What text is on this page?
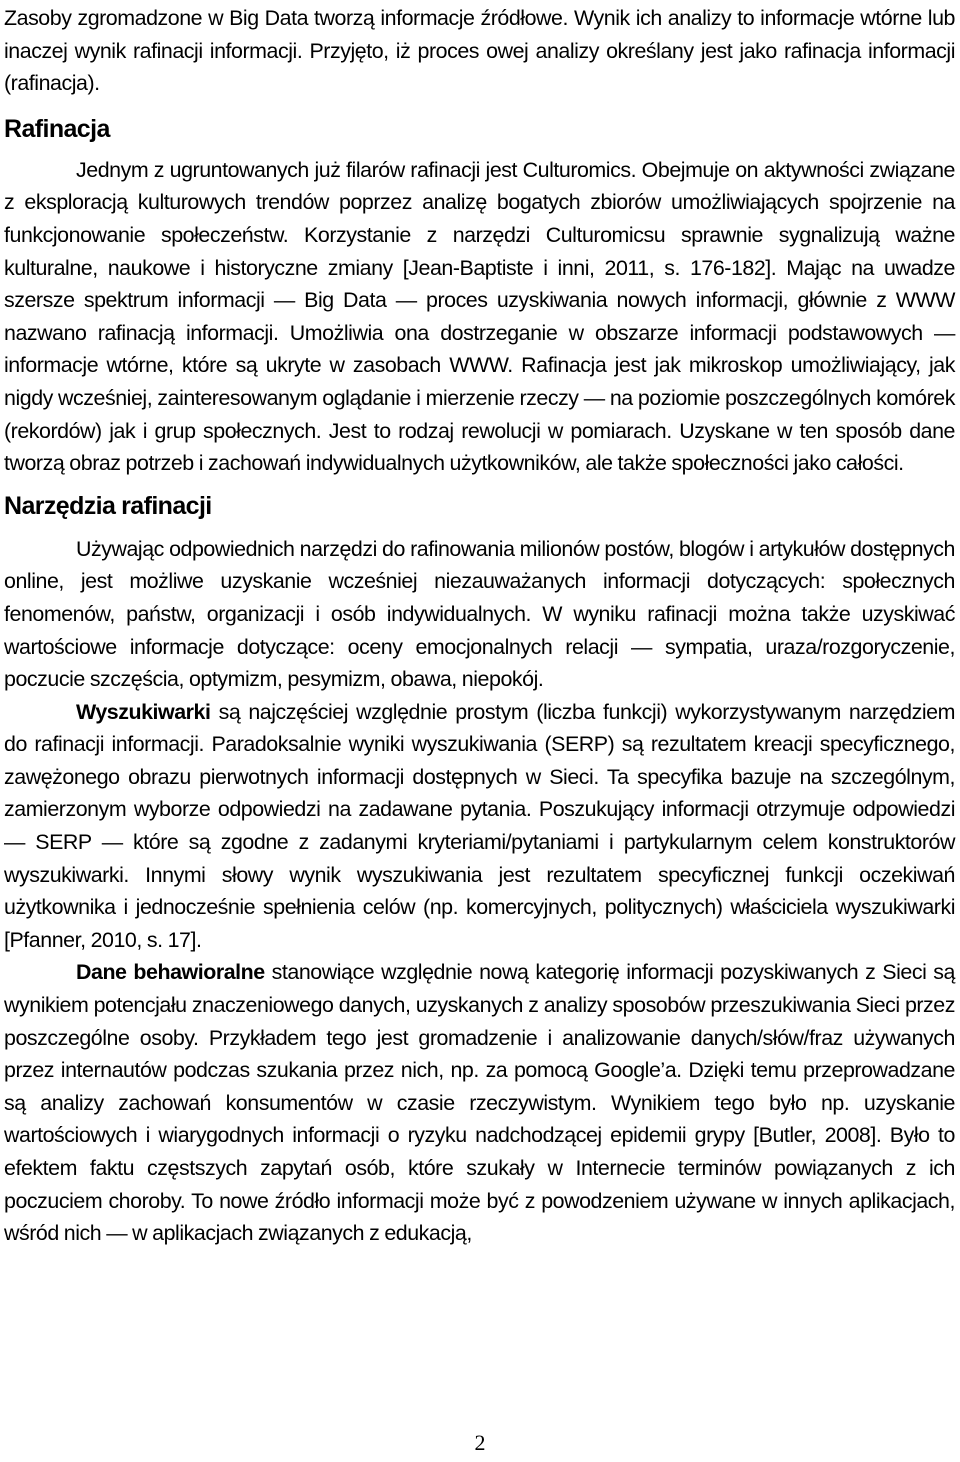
Zasoby zgromadzone w Big Data tworzą informacje źródłowe. Wynik ich analizy to informacje wtórne lub inaczej wynik rafinacji informacji. Przyjęto, iż proces owej analizy określany jest jako rafinacja informacji (rafinacja).

Rafinacja

Jednym z ugruntowanych już filarów rafinacji jest Culturomics. Obejmuje on aktywności związane z eksploracją kulturowych trendów poprzez analizę bogatych zbiorów umożliwiających spojrzenie na funkcjonowanie społeczeństw. Korzystanie z narzędzi Culturomicsu sprawnie sygnalizują ważne kulturalne, naukowe i historyczne zmiany [Jean-Baptiste i inni, 2011, s. 176-182]. Mając na uwadze szersze spektrum informacji — Big Data — proces uzyskiwania nowych informacji, głównie z WWW nazwano rafinacją informacji. Umożliwia ona dostrzeganie w obszarze informacji podstawowych — informacje wtórne, które są ukryte w zasobach WWW. Rafinacja jest jak mikroskop umożliwiający, jak nigdy wcześniej, zainteresowanym oglądanie i mierzenie rzeczy — na poziomie poszczególnych komórek (rekordów) jak i grup społecznych. Jest to rodzaj rewolucji w pomiarach. Uzyskane w ten sposób dane tworzą obraz potrzeb i zachowań indywidualnych użytkowników, ale także społeczności jako całości.

Narzędzia rafinacji

Używając odpowiednich narzędzi do rafinowania milionów postów, blogów i artykułów dostępnych online, jest możliwe uzyskanie wcześniej niezauważanych informacji dotyczących: społecznych fenomenów, państw, organizacji i osób indywidualnych. W wyniku rafinacji można także uzyskiwać wartościowe informacje dotyczące: oceny emocjonalnych relacji — sympatia, uraza/rozgoryczenie, poczucie szczęścia, optymizm, pesymizm, obawa, niepokój.

Wyszukiwarki są najczęściej względnie prostym (liczba funkcji) wykorzystywanym narzędziem do rafinacji informacji. Paradoksalnie wyniki wyszukiwania (SERP) są rezultatem kreacji specyficznego, zawężonego obrazu pierwotnych informacji dostępnych w Sieci. Ta specyfika bazuje na szczególnym, zamierzonym wyborze odpowiedzi na zadawane pytania. Poszukujący informacji otrzymuje odpowiedzi — SERP — które są zgodne z zadanymi kryteriami/pytaniami i partykularnym celem konstruktorów wyszukiwarki. Innymi słowy wynik wyszukiwania jest rezultatem specyficznej funkcji oczekiwań użytkownika i jednocześnie spełnienia celów (np. komercyjnych, politycznych) właściciela wyszukiwarki [Pfanner, 2010, s. 17].

Dane behawioralne stanowiące względnie nową kategorię informacji pozyskiwanych z Sieci są wynikiem potencjału znaczeniowego danych, uzyskanych z analizy sposobów przeszukiwania Sieci przez poszczególne osoby. Przykładem tego jest gromadzenie i analizowanie danych/słów/fraz używanych przez internautów podczas szukania przez nich, np. za pomocą Google’a. Dzięki temu przeprowadzane są analizy zachowań konsumentów w czasie rzeczywistym. Wynikiem tego było np. uzyskanie wartościowych i wiarygodnych informacji o ryzyku nadchodzącej epidemii grypy [Butler, 2008]. Było to efektem faktu częstszych zapytań osób, które szukały w Internecie terminów powiązanych z ich poczuciem choroby. To nowe źródło informacji może być z powodzeniem używane w innych aplikacjach, wśród nich — w aplikacjach związanych z edukacją,

2
